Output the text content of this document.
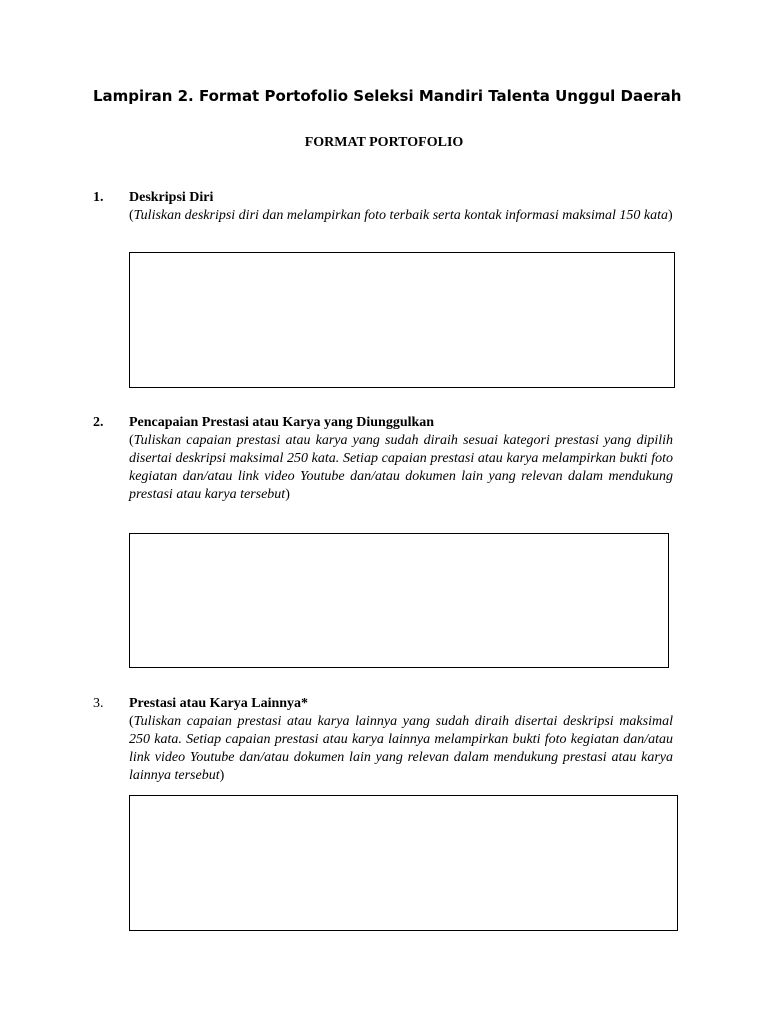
Lampiran 2. Format Portofolio Seleksi Mandiri Talenta Unggul Daerah
FORMAT PORTOFOLIO
1. Deskripsi Diri

(Tuliskan deskripsi diri dan melampirkan foto terbaik serta kontak informasi maksimal 150 kata)

2. Pencapaian Prestasi atau Karya yang Diunggulkan

(Tuliskan capaian prestasi atau karya yang sudah diraih sesuai kategori prestasi yang dipilih disertai deskripsi maksimal 250 kata. Setiap capaian prestasi atau karya melampirkan bukti foto kegiatan dan/atau link video Youtube dan/atau dokumen lain yang relevan dalam mendukung prestasi atau karya tersebut)

3. Prestasi atau Karya Lainnya*

(Tuliskan capaian prestasi atau karya lainnya yang sudah diraih disertai deskripsi maksimal 250 kata. Setiap capaian prestasi atau karya lainnya melampirkan bukti foto kegiatan dan/atau link video Youtube dan/atau dokumen lain yang relevan dalam mendukung prestasi atau karya lainnya tersebut)
